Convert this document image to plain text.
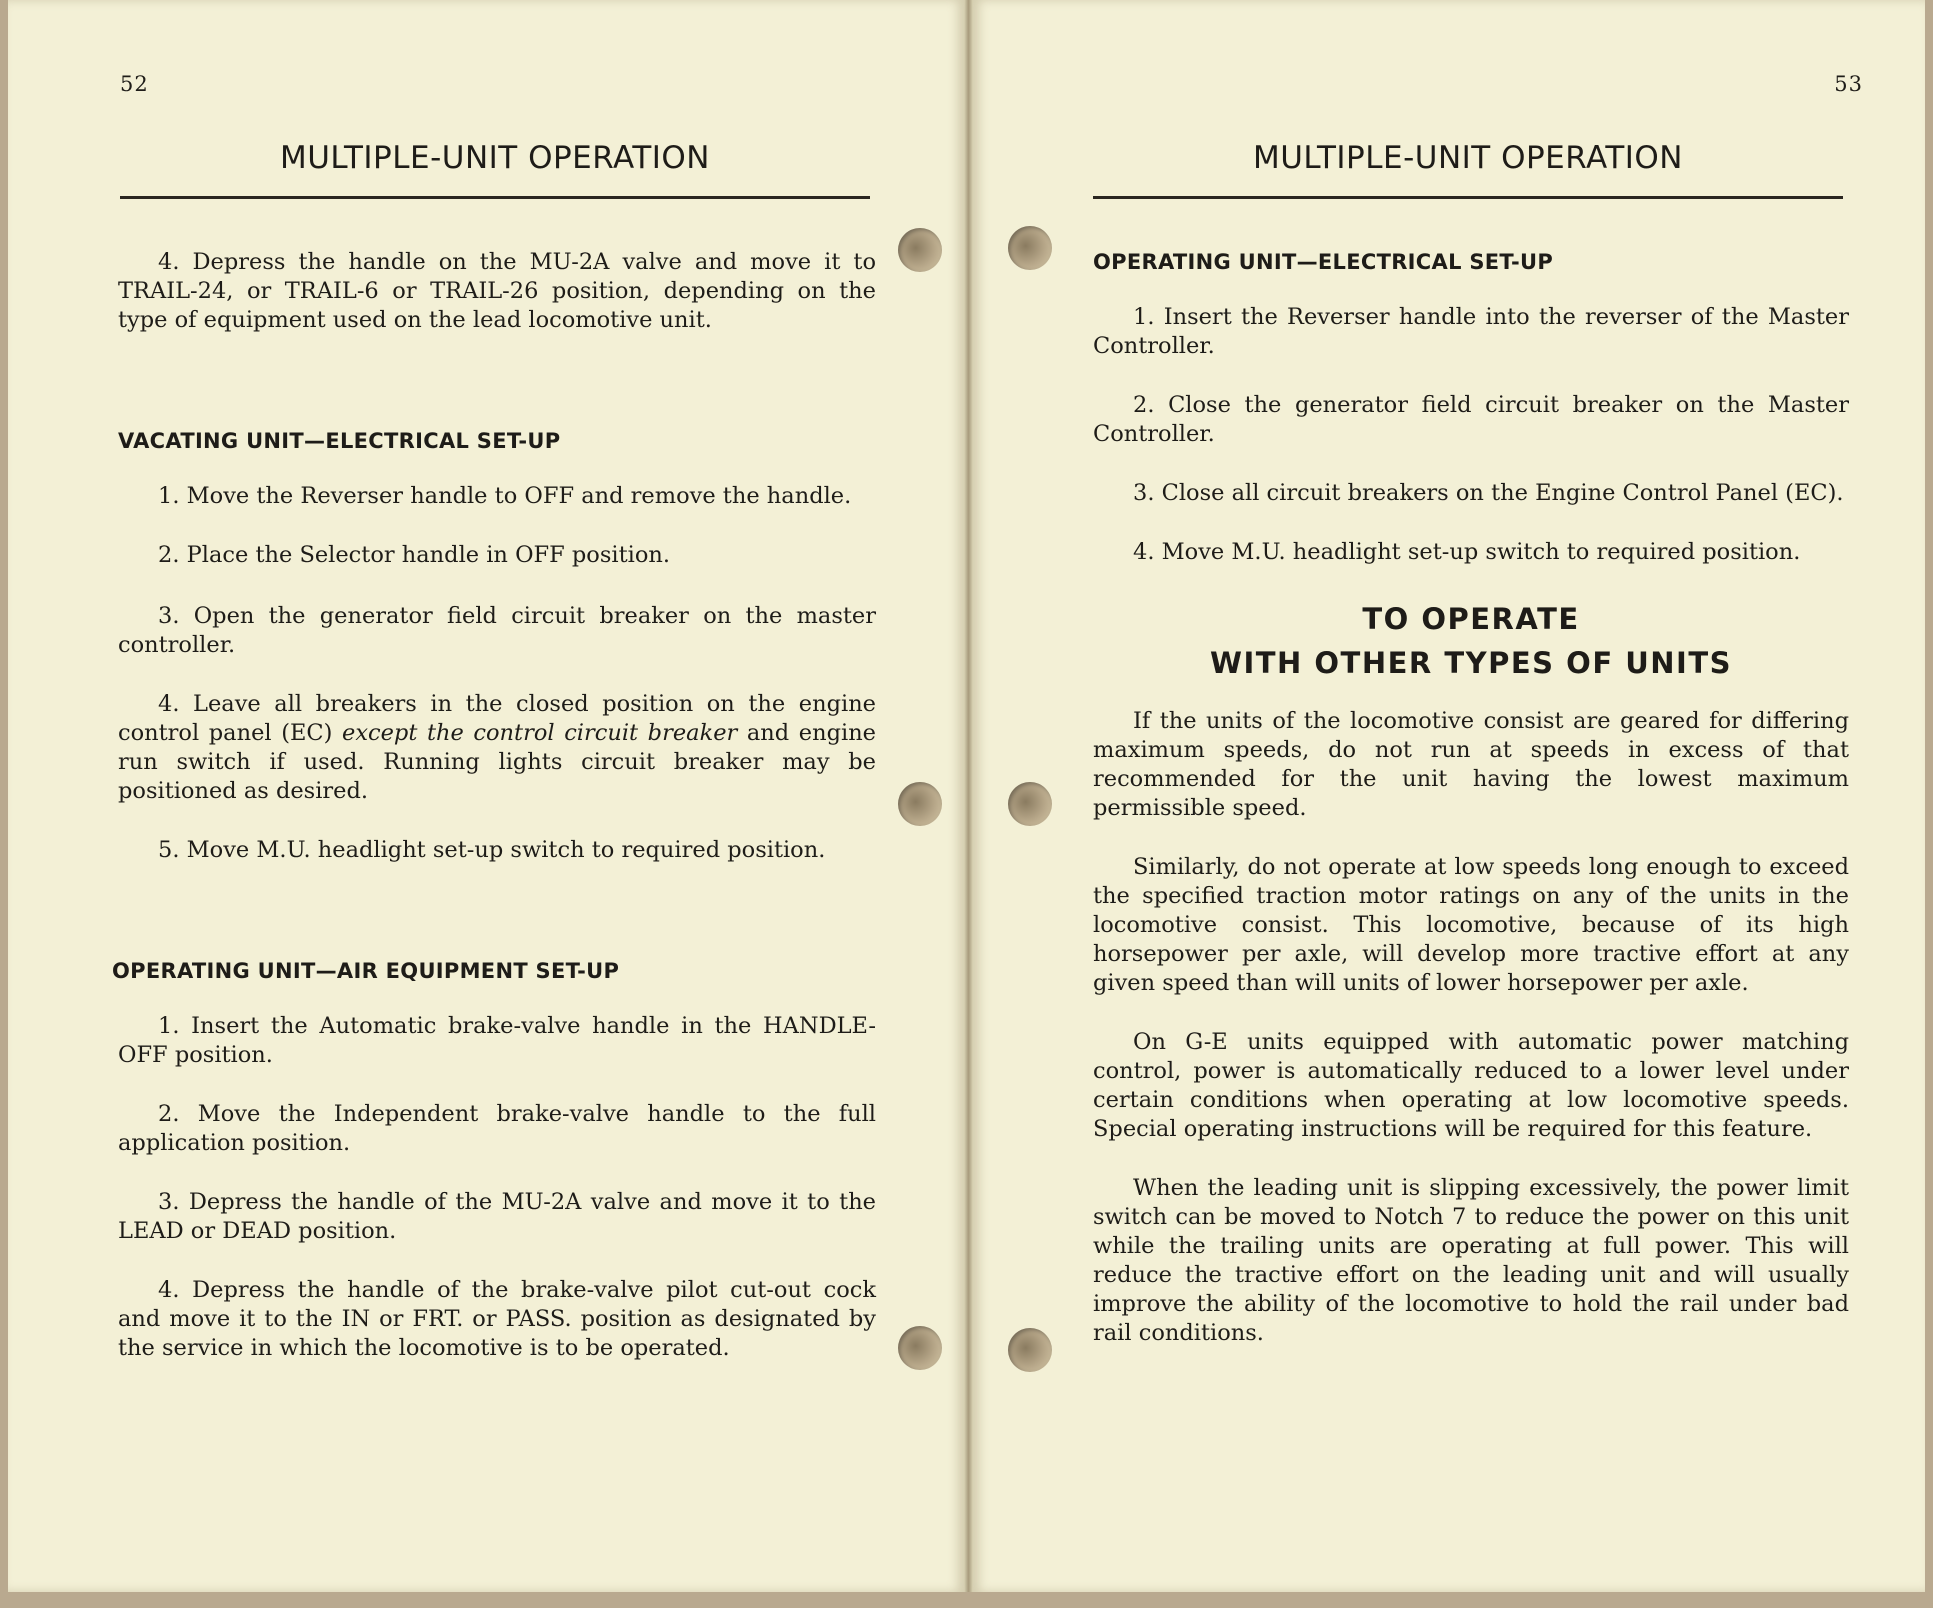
52
MULTIPLE-UNIT OPERATION

4. Depress the handle on the MU-2A valve and move it to TRAIL-24, or TRAIL-6 or TRAIL-26 position, depending on the type of equipment used on the lead locomotive unit.

VACATING UNIT—ELECTRICAL SET-UP

1. Move the Reverser handle to OFF and remove the handle.

2. Place the Selector handle in OFF position.

3. Open the generator field circuit breaker on the master controller.

4. Leave all breakers in the closed position on the engine control panel (EC) except the control circuit breaker and engine run switch if used. Running lights circuit breaker may be positioned as desired.

5. Move M.U. headlight set-up switch to required position.

OPERATING UNIT—AIR EQUIPMENT SET-UP

1. Insert the Automatic brake-valve handle in the HANDLE-OFF position.

2. Move the Independent brake-valve handle to the full application position.

3. Depress the handle of the MU-2A valve and move it to the LEAD or DEAD position.

4. Depress the handle of the brake-valve pilot cut-out cock and move it to the IN or FRT. or PASS. position as designated by the service in which the locomotive is to be operated.

53
MULTIPLE-UNIT OPERATION
OPERATING UNIT—ELECTRICAL SET-UP

1. Insert the Reverser handle into the reverser of the Master Controller.

2. Close the generator field circuit breaker on the Master Controller.

3. Close all circuit breakers on the Engine Control Panel (EC).

4. Move M.U. headlight set-up switch to required position.

TO OPERATE
WITH OTHER TYPES OF UNITS

If the units of the locomotive consist are geared for differing maximum speeds, do not run at speeds in excess of that recommended for the unit having the lowest maximum permissible speed.

Similarly, do not operate at low speeds long enough to exceed the specified traction motor ratings on any of the units in the locomotive consist. This locomotive, because of its high horsepower per axle, will develop more tractive effort at any given speed than will units of lower horsepower per axle.

On G-E units equipped with automatic power matching control, power is automatically reduced to a lower level under certain conditions when operating at low locomotive speeds. Special operating instructions will be required for this feature.

When the leading unit is slipping excessively, the power limit switch can be moved to Notch 7 to reduce the power on this unit while the trailing units are operating at full power. This will reduce the tractive effort on the leading unit and will usually improve the ability of the locomotive to hold the rail under bad rail conditions.
